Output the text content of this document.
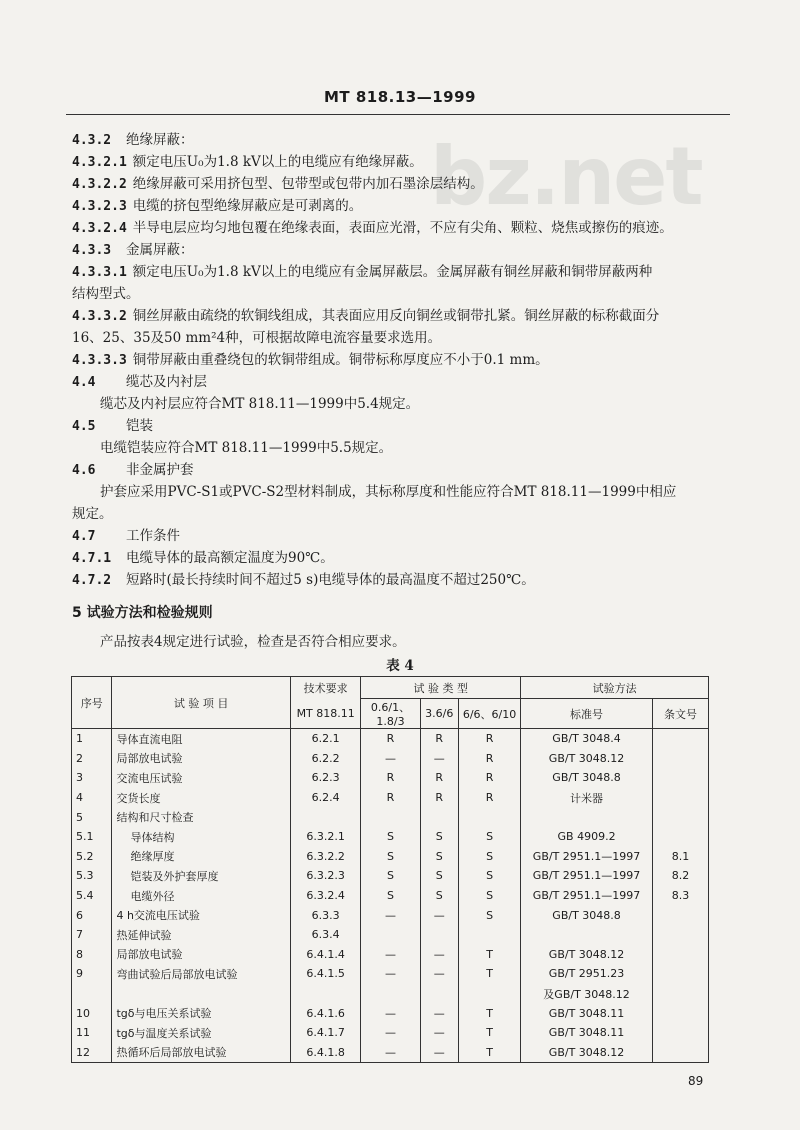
MT 818.13—1999
bz.net
4.3.2 绝缘屏蔽：
4.3.2.1 额定电压U₀为1.8 kV以上的电缆应有绝缘屏蔽。
4.3.2.2 绝缘屏蔽可采用挤包型、包带型或包带内加石墨涂层结构。
4.3.2.3 电缆的挤包型绝缘屏蔽应是可剥离的。
4.3.2.4 半导电层应均匀地包覆在绝缘表面，表面应光滑，不应有尖角、颗粒、烧焦或擦伤的痕迹。
4.3.3 金属屏蔽：
4.3.3.1 额定电压U₀为1.8 kV以上的电缆应有金属屏蔽层。金属屏蔽有铜丝屏蔽和铜带屏蔽两种
结构型式。
4.3.3.2 铜丝屏蔽由疏绕的软铜线组成，其表面应用反向铜丝或铜带扎紧。铜丝屏蔽的标称截面分
16、25、35及50 mm²4种，可根据故障电流容量要求选用。
4.3.3.3 铜带屏蔽由重叠绕包的软铜带组成。铜带标称厚度应不小于0.1 mm。
4.4 缆芯及内衬层
缆芯及内衬层应符合MT 818.11—1999中5.4规定。
4.5 铠装
电缆铠装应符合MT 818.11—1999中5.5规定。
4.6 非金属护套
护套应采用PVC-S1或PVC-S2型材料制成，其标称厚度和性能应符合MT 818.11—1999中相应
规定。
4.7 工作条件
4.7.1 电缆导体的最高额定温度为90℃。
4.7.2 短路时(最长持续时间不超过5 s)电缆导体的最高温度不超过250℃。
5 试验方法和检验规则
产品按表4规定进行试验，检查是否符合相应要求。
表 4
序号	试 验 项 目	技术要求	试 验 类 型			试验方法	
		MT 818.11	0.6/1、1.8/3	3.6/6	6/6、6/10	标准号	条文号
1	导体直流电阻	6.2.1	R	R	R	GB/T 3048.4	
2	局部放电试验	6.2.2	—	—	R	GB/T 3048.12	
3	交流电压试验	6.2.3	R	R	R	GB/T 3048.8	
4	交货长度	6.2.4	R	R	R	计米器	
5	结构和尺寸检查						
5.1	导体结构	6.3.2.1	S	S	S	GB 4909.2	
5.2	绝缘厚度	6.3.2.2	S	S	S	GB/T 2951.1—1997	8.1
5.3	铠装及外护套厚度	6.3.2.3	S	S	S	GB/T 2951.1—1997	8.2
5.4	电缆外径	6.3.2.4	S	S	S	GB/T 2951.1—1997	8.3
6	4 h交流电压试验	6.3.3	—	—	S	GB/T 3048.8	
7	热延伸试验	6.3.4					
8	局部放电试验	6.4.1.4	—	—	T	GB/T 3048.12	
9	弯曲试验后局部放电试验	6.4.1.5	—	—	T	GB/T 2951.23	
						及GB/T 3048.12	
10	tgδ与电压关系试验	6.4.1.6	—	—	T	GB/T 3048.11	
11	tgδ与温度关系试验	6.4.1.7	—	—	T	GB/T 3048.11	
12	热循环后局部放电试验	6.4.1.8	—	—	T	GB/T 3048.12	
89
